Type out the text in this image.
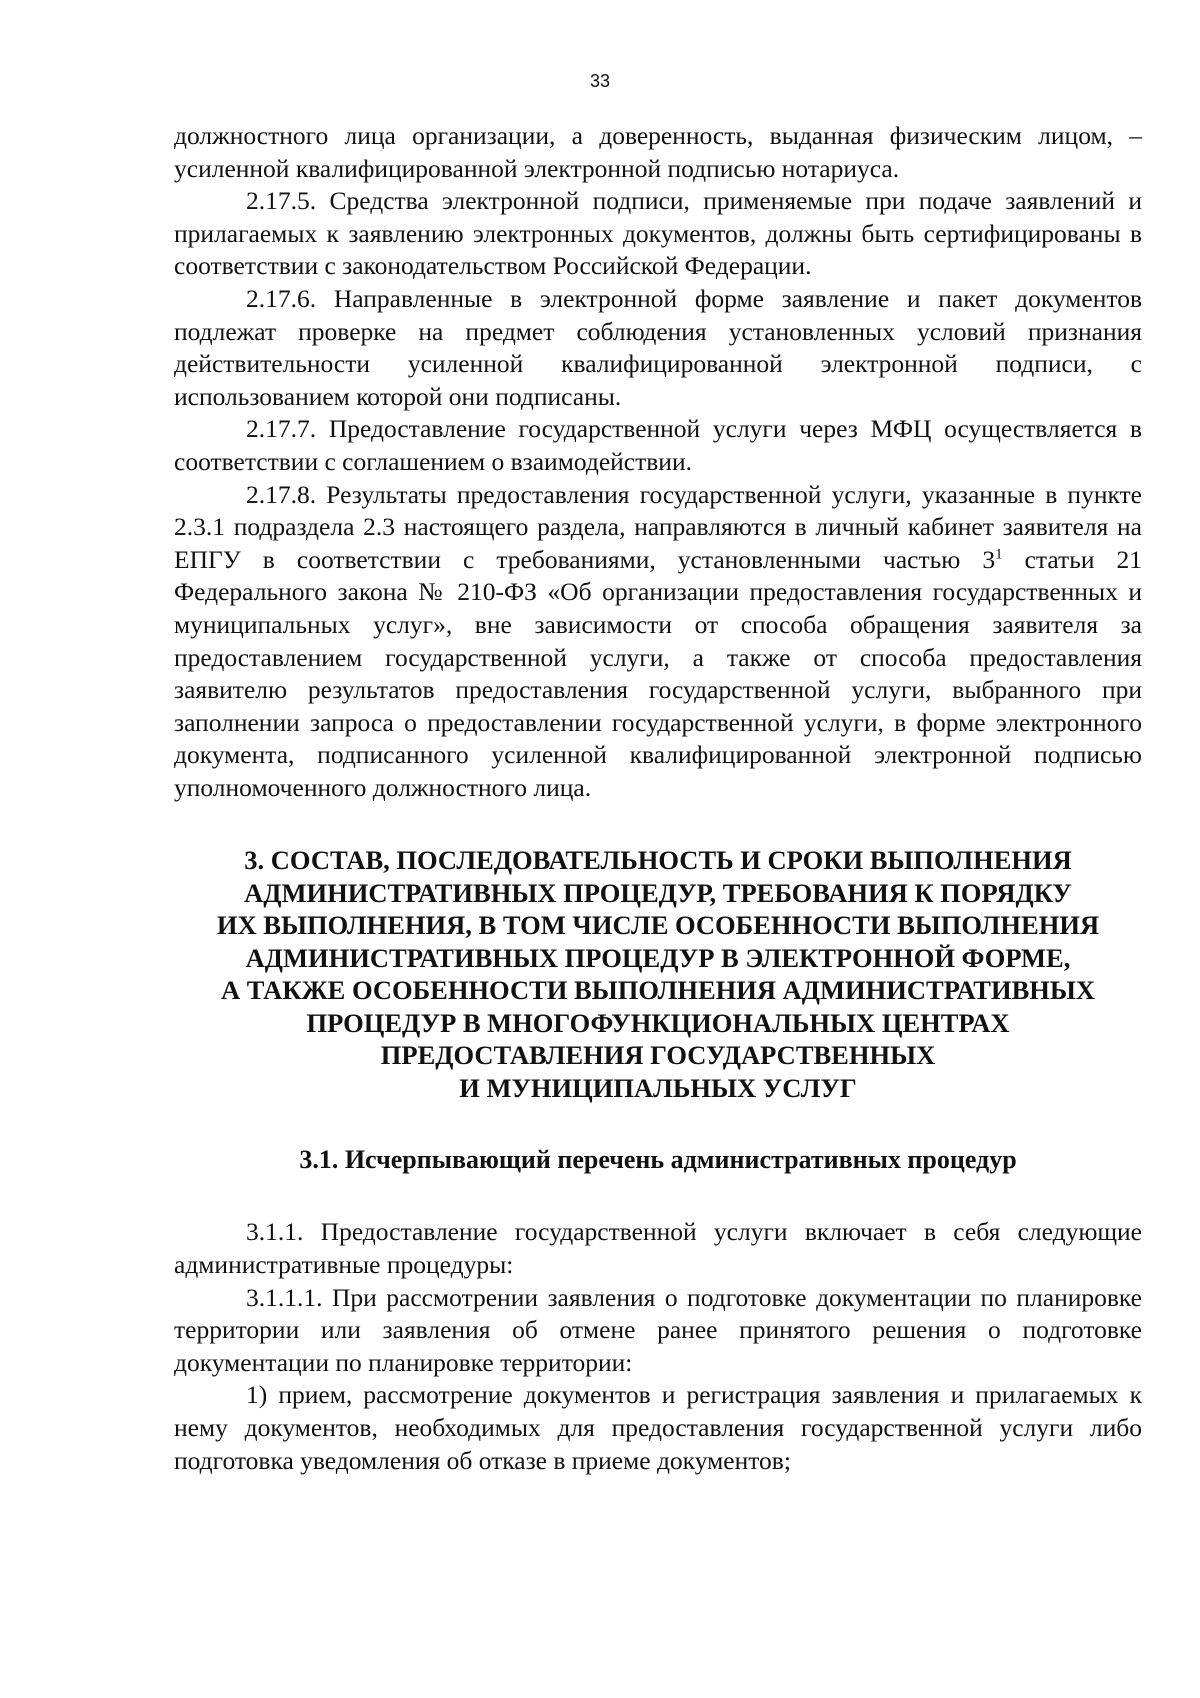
33

должностного лица организации, а доверенность, выданная физическим лицом, – усиленной квалифицированной электронной подписью нотариуса.

2.17.5. Средства электронной подписи, применяемые при подаче заявлений и прилагаемых к заявлению электронных документов, должны быть сертифицированы в соответствии с законодательством Российской Федерации.

2.17.6. Направленные в электронной форме заявление и пакет документов подлежат проверке на предмет соблюдения установленных условий признания действительности усиленной квалифицированной электронной подписи, с использованием которой они подписаны.

2.17.7. Предоставление государственной услуги через МФЦ осуществляется в соответствии с соглашением о взаимодействии.

2.17.8. Результаты предоставления государственной услуги, указанные в пункте 2.3.1 подраздела 2.3 настоящего раздела, направляются в личный кабинет заявителя на ЕПГУ в соответствии с требованиями, установленными частью $3^1$ статьи 21 Федерального закона № 210-ФЗ «Об организации предоставления государственных и муниципальных услуг», вне зависимости от способа обращения заявителя за предоставлением государственной услуги, а также от способа предоставления заявителю результатов предоставления государственной услуги, выбранного при заполнении запроса о предоставлении государственной услуги, в форме электронного документа, подписанного усиленной квалифицированной электронной подписью уполномоченного должностного лица.

3. СОСТАВ, ПОСЛЕДОВАТЕЛЬНОСТЬ И СРОКИ ВЫПОЛНЕНИЯ
АДМИНИСТРАТИВНЫХ ПРОЦЕДУР, ТРЕБОВАНИЯ К ПОРЯДКУ
ИХ ВЫПОЛНЕНИЯ, В ТОМ ЧИСЛЕ ОСОБЕННОСТИ ВЫПОЛНЕНИЯ
АДМИНИСТРАТИВНЫХ ПРОЦЕДУР В ЭЛЕКТРОННОЙ ФОРМЕ,
А ТАКЖЕ ОСОБЕННОСТИ ВЫПОЛНЕНИЯ АДМИНИСТРАТИВНЫХ
ПРОЦЕДУР В МНОГОФУНКЦИОНАЛЬНЫХ ЦЕНТРАХ
ПРЕДОСТАВЛЕНИЯ ГОСУДАРСТВЕННЫХ
И МУНИЦИПАЛЬНЫХ УСЛУГ
3.1. Исчерпывающий перечень административных процедур

3.1.1. Предоставление государственной услуги включает в себя следующие административные процедуры:

3.1.1.1. При рассмотрении заявления о подготовке документации по планировке территории или заявления об отмене ранее принятого решения о подготовке документации по планировке территории:

1) прием, рассмотрение документов и регистрация заявления и прилагаемых к нему документов, необходимых для предоставления государственной услуги либо подготовка уведомления об отказе в приеме документов;
